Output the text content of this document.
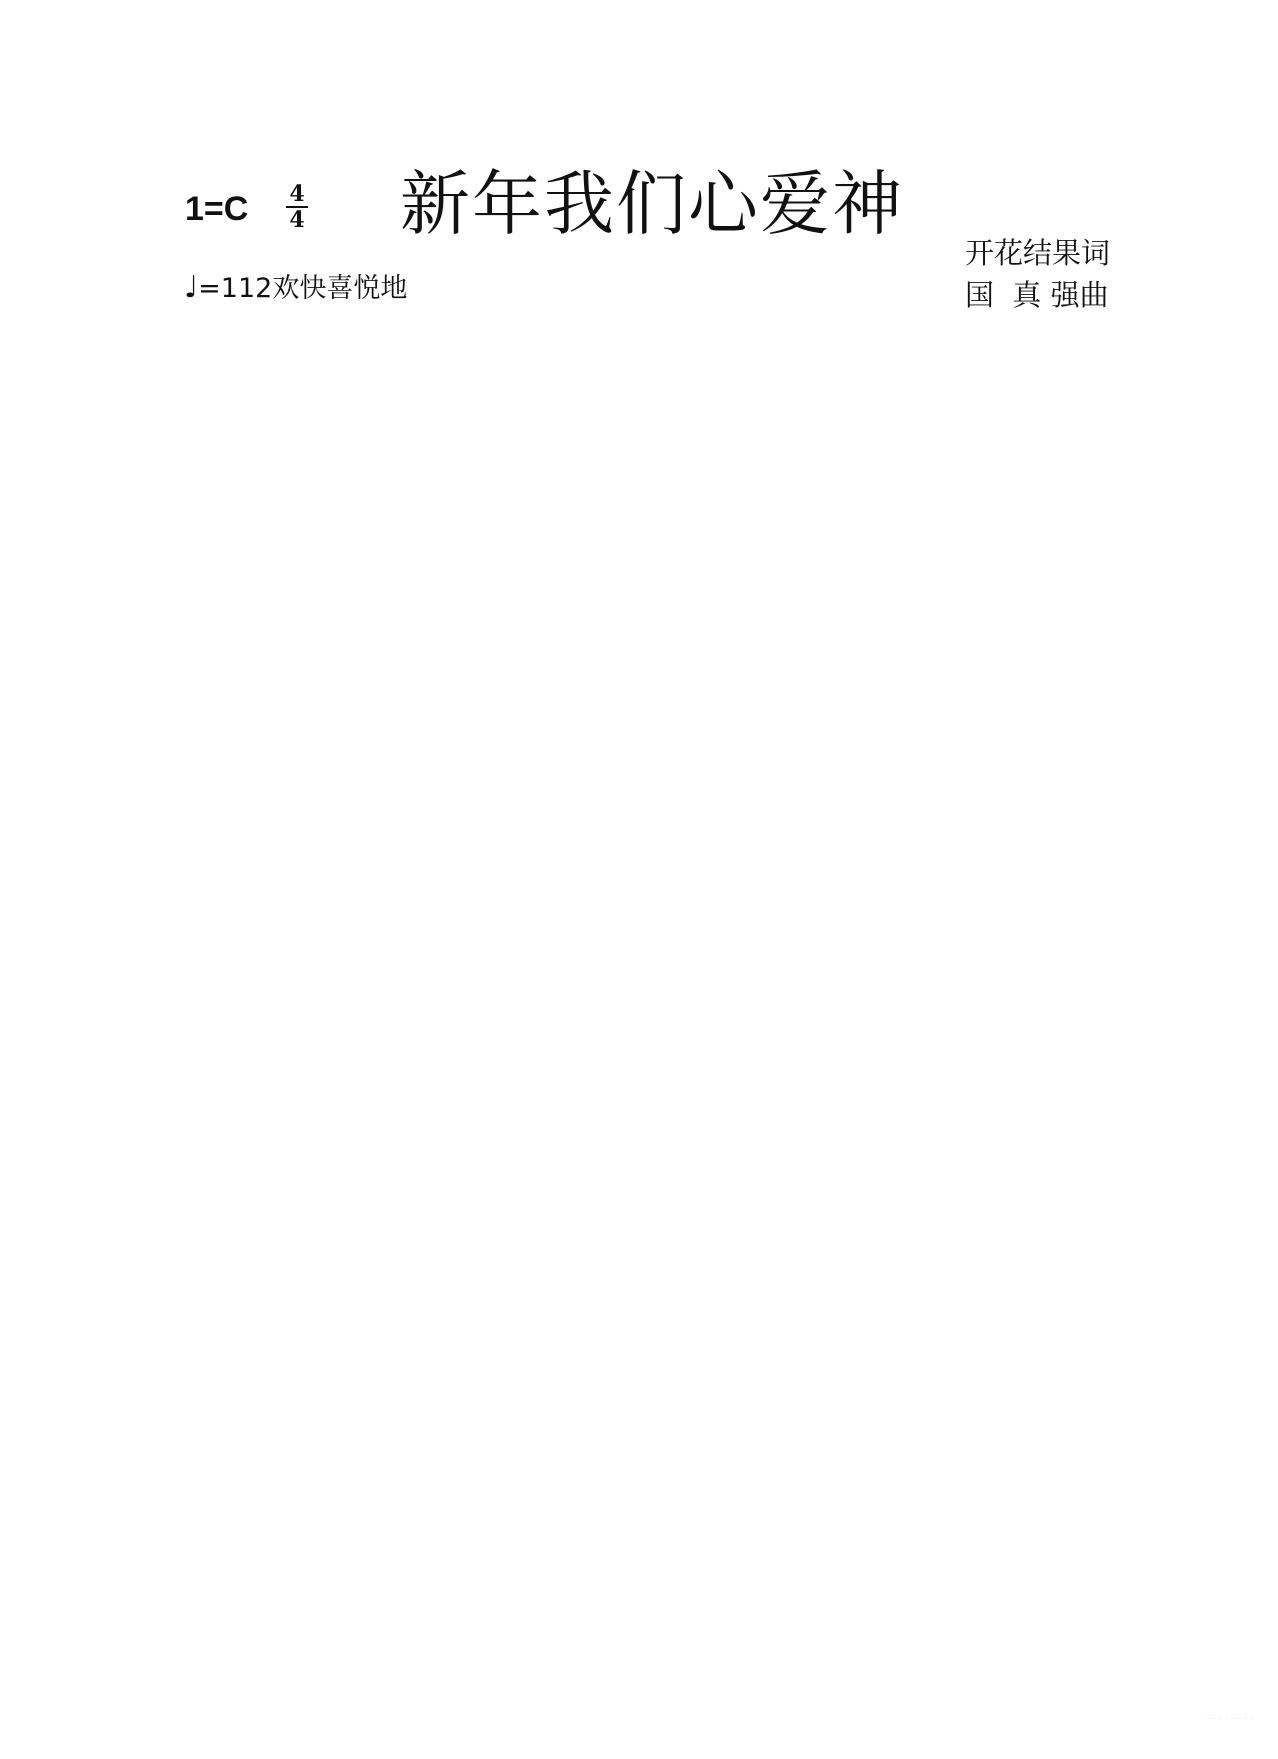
1=C 4
4 新年我们心爱神
♩=112欢快喜悦地
开花结果词
国  真 强曲
· · · · · · · ·
